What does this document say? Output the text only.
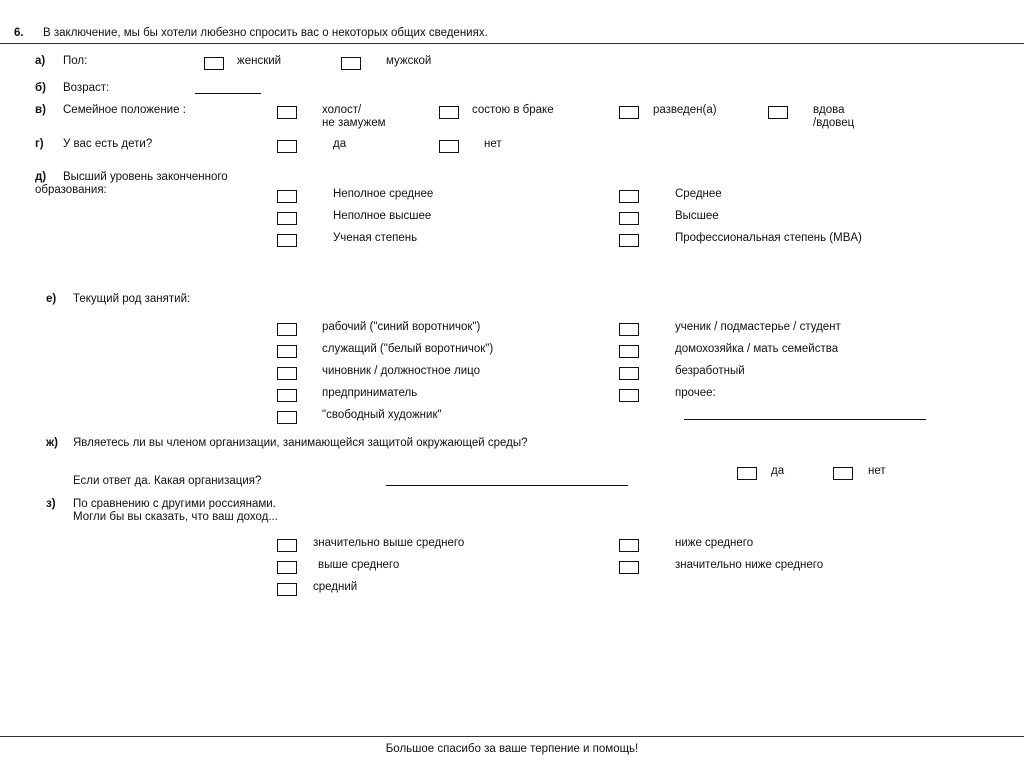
6. В заключение, мы бы хотели любезно спросить вас о некоторых общих сведениях.
а) Пол:	женский	мужской
б) Возраст:
в) Семейное положение :	холост/
не замужем
состою в браке	разведен(а)	вдова
/вдовец
г) У вас есть дети?	да	нет
д) Высший уровень законченного
образования:	Неполное среднее	Среднее
Неполное высшее	Высшее
Ученая степень	Профессиональная степень (MBA)
е) Текущий род занятий:
рабочий ("синий воротничок")	ученик / подмастерье / студент
служащий ("белый воротничок")	домохозяйка / мать семейства
чиновник / должностное лицо	безработный
предприниматель	прочее:
"свободный художник"
ж) Являетесь ли вы членом организации, занимающейся защитой окружающей среды?
Если ответ да. Какая организация?
да	нет
з) По сравнению с другими россиянами.
Могли бы вы сказать, что ваш доход...
значительно выше среднего	ниже среднего
выше среднего	значительно ниже среднего
средний
Большое спасибо за ваше терпение и помощь!
